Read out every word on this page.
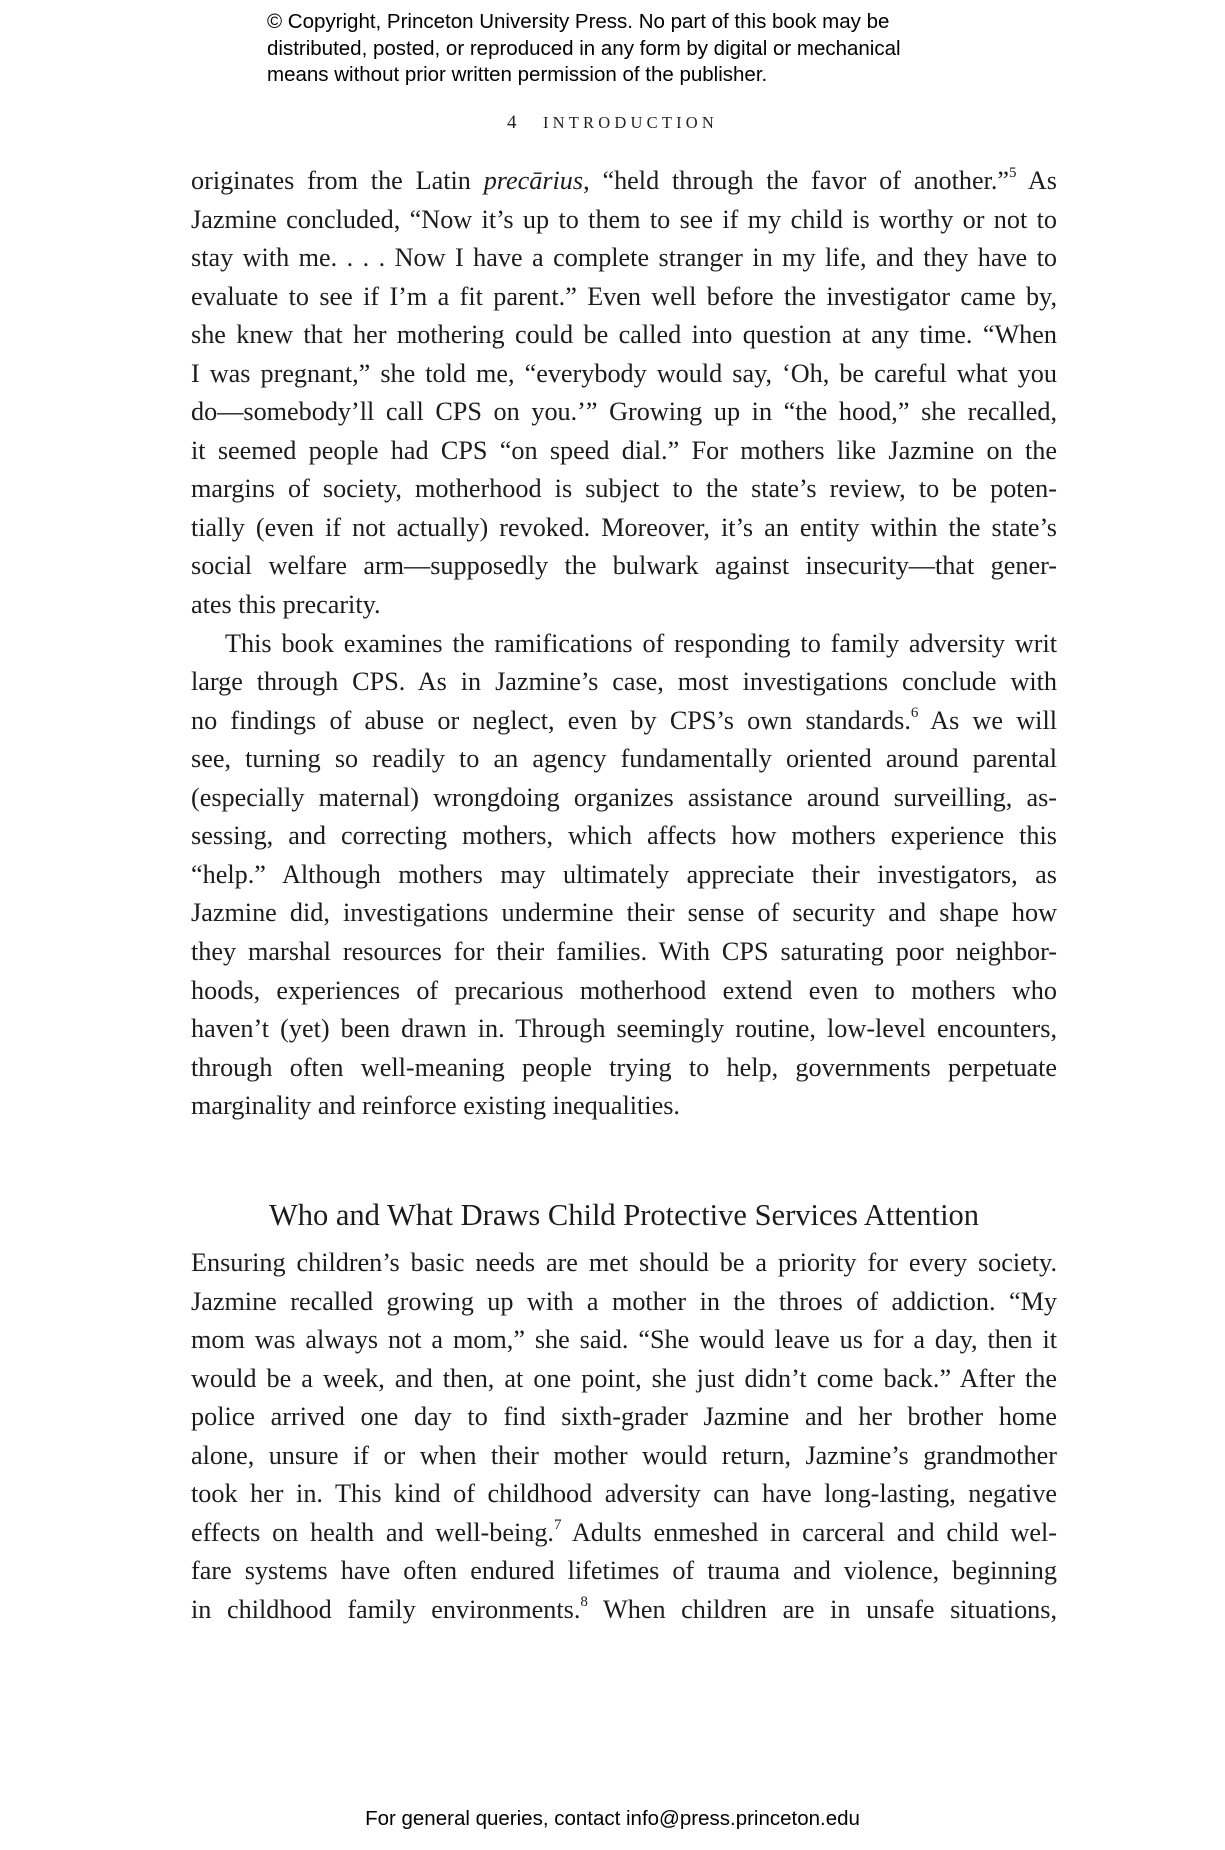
© Copyright, Princeton University Press. No part of this book may be
distributed, posted, or reproduced in any form by digital or mechanical
means without prior written permission of the publisher.
4 INTRODUCTION
originates from the Latin precārius, “held through the favor of another.”$^5$ As
Jazmine concluded, “Now it’s up to them to see if my child is worthy or not to
stay with me. . . . Now I have a complete stranger in my life, and they have to
evaluate to see if I’m a fit parent.” Even well before the investigator came by,
she knew that her mothering could be called into question at any time. “When
I was pregnant,” she told me, “everybody would say, ‘Oh, be careful what you
do—somebody’ll call CPS on you.’” Growing up in “the hood,” she recalled,
it seemed people had CPS “on speed dial.” For mothers like Jazmine on the
margins of society, motherhood is subject to the state’s review, to be poten-
tially (even if not actually) revoked. Moreover, it’s an entity within the state’s
social welfare arm—supposedly the bulwark against insecurity—that gener-
ates this precarity.
This book examines the ramifications of responding to family adversity writ
large through CPS. As in Jazmine’s case, most investigations conclude with
no findings of abuse or neglect, even by CPS’s own standards.$^6$ As we will
see, turning so readily to an agency fundamentally oriented around parental
(especially maternal) wrongdoing organizes assistance around surveilling, as-
sessing, and correcting mothers, which affects how mothers experience this
“help.” Although mothers may ultimately appreciate their investigators, as
Jazmine did, investigations undermine their sense of security and shape how
they marshal resources for their families. With CPS saturating poor neighbor-
hoods, experiences of precarious motherhood extend even to mothers who
haven’t (yet) been drawn in. Through seemingly routine, low-level encounters,
through often well-meaning people trying to help, governments perpetuate
marginality and reinforce existing inequalities.
Who and What Draws Child Protective Services Attention
Ensuring children’s basic needs are met should be a priority for every society.
Jazmine recalled growing up with a mother in the throes of addiction. “My
mom was always not a mom,” she said. “She would leave us for a day, then it
would be a week, and then, at one point, she just didn’t come back.” After the
police arrived one day to find sixth-grader Jazmine and her brother home
alone, unsure if or when their mother would return, Jazmine’s grandmother
took her in. This kind of childhood adversity can have long-lasting, negative
effects on health and well-being.$^7$ Adults enmeshed in carceral and child wel-
fare systems have often endured lifetimes of trauma and violence, beginning
in childhood family environments.$^8$ When children are in unsafe situations,
For general queries, contact info@press.princeton.edu
